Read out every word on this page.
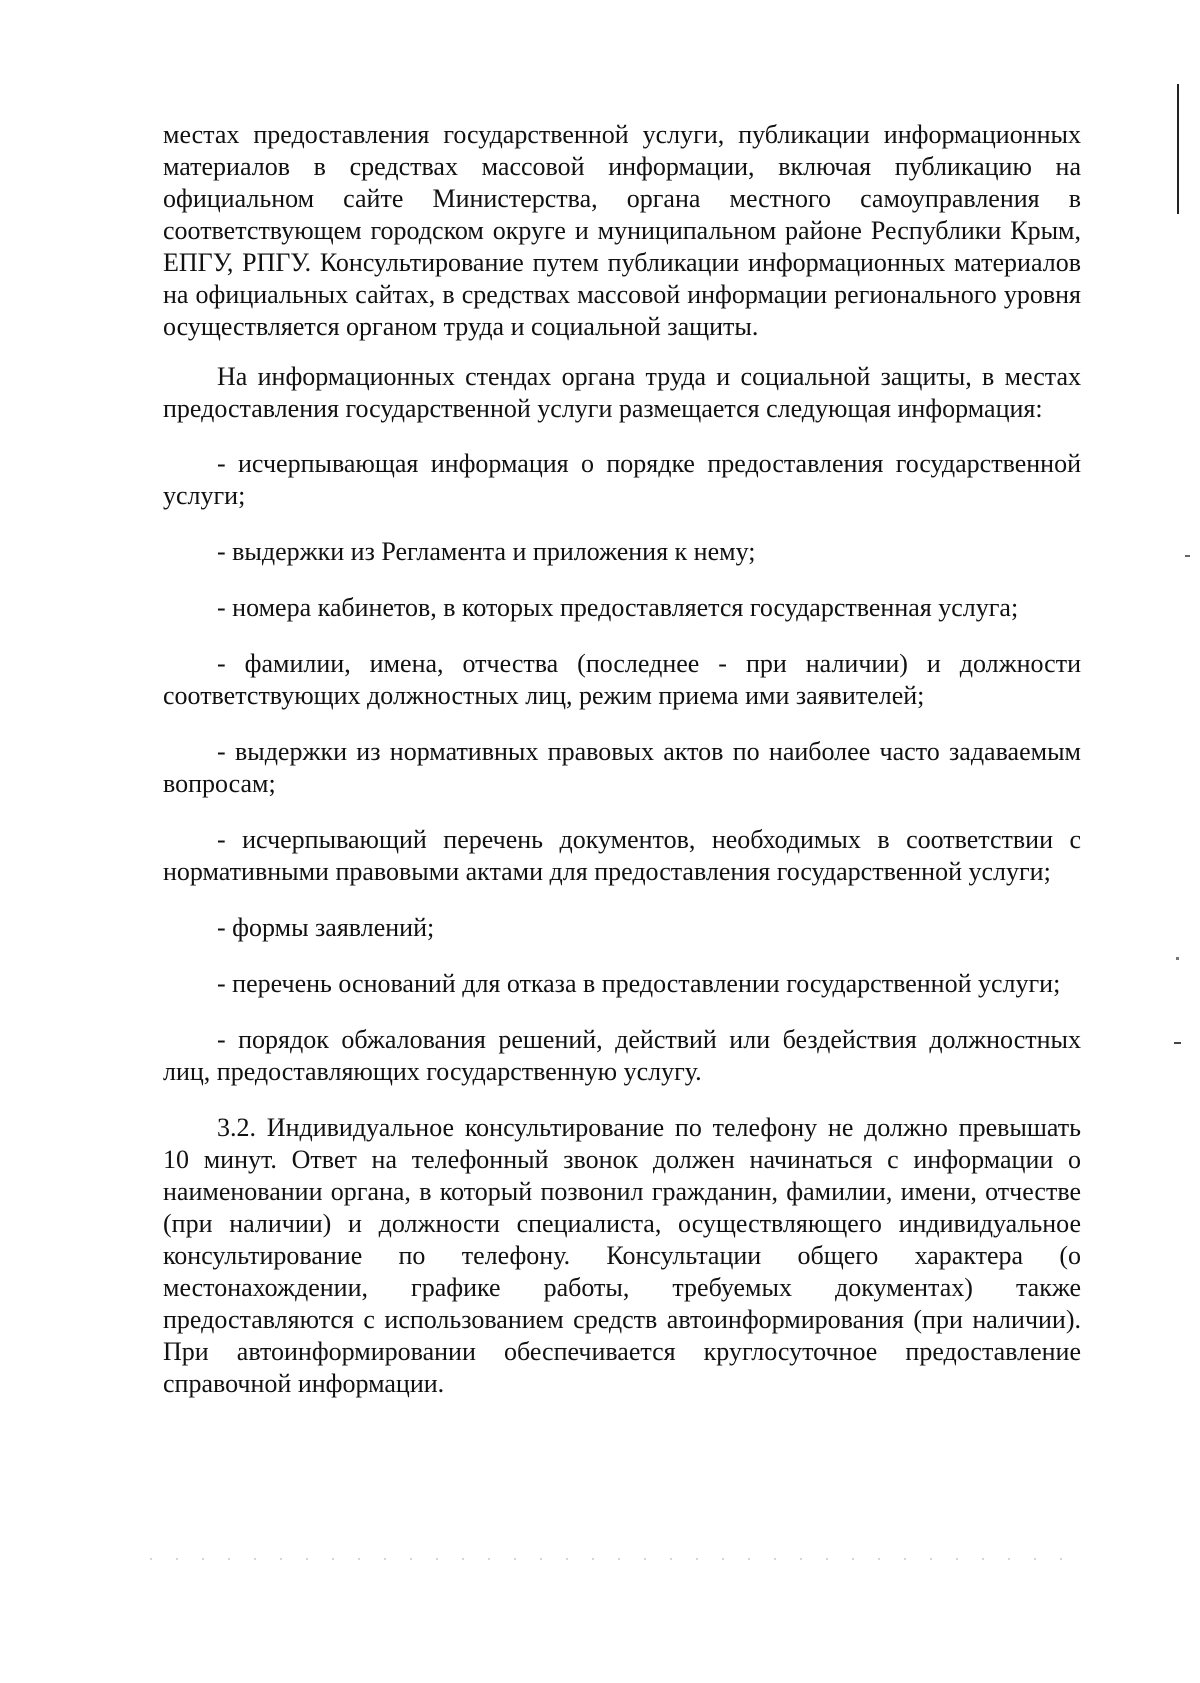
местах предоставления государственной услуги, публикации информационных материалов в средствах массовой информации, включая публикацию на официальном сайте Министерства, органа местного самоуправления в соответствующем городском округе и муниципальном районе Республики Крым, ЕПГУ, РПГУ. Консультирование путем публикации информационных материалов на официальных сайтах, в средствах массовой информации регионального уровня осуществляется органом труда и социальной защиты.

На информационных стендах органа труда и социальной защиты, в местах предоставления государственной услуги размещается следующая информация:

- исчерпывающая информация о порядке предоставления государственной услуги;

- выдержки из Регламента и приложения к нему;

- номера кабинетов, в которых предоставляется государственная услуга;

- фамилии, имена, отчества (последнее - при наличии) и должности соответствующих должностных лиц, режим приема ими заявителей;

- выдержки из нормативных правовых актов по наиболее часто задаваемым вопросам;

- исчерпывающий перечень документов, необходимых в соответствии с нормативными правовыми актами для предоставления государственной услуги;

- формы заявлений;

- перечень оснований для отказа в предоставлении государственной услуги;

- порядок обжалования решений, действий или бездействия должностных лиц, предоставляющих государственную услугу.

3.2. Индивидуальное консультирование по телефону не должно превышать 10 минут. Ответ на телефонный звонок должен начинаться с информации о наименовании органа, в который позвонил гражданин, фамилии, имени, отчестве (при наличии) и должности специалиста, осуществляющего индивидуальное консультирование по телефону. Консультации общего характера (о местонахождении, графике работы, требуемых документах) также предоставляются с использованием средств автоинформирования (при наличии). При автоинформировании обеспечивается круглосуточное предоставление справочной информации.
